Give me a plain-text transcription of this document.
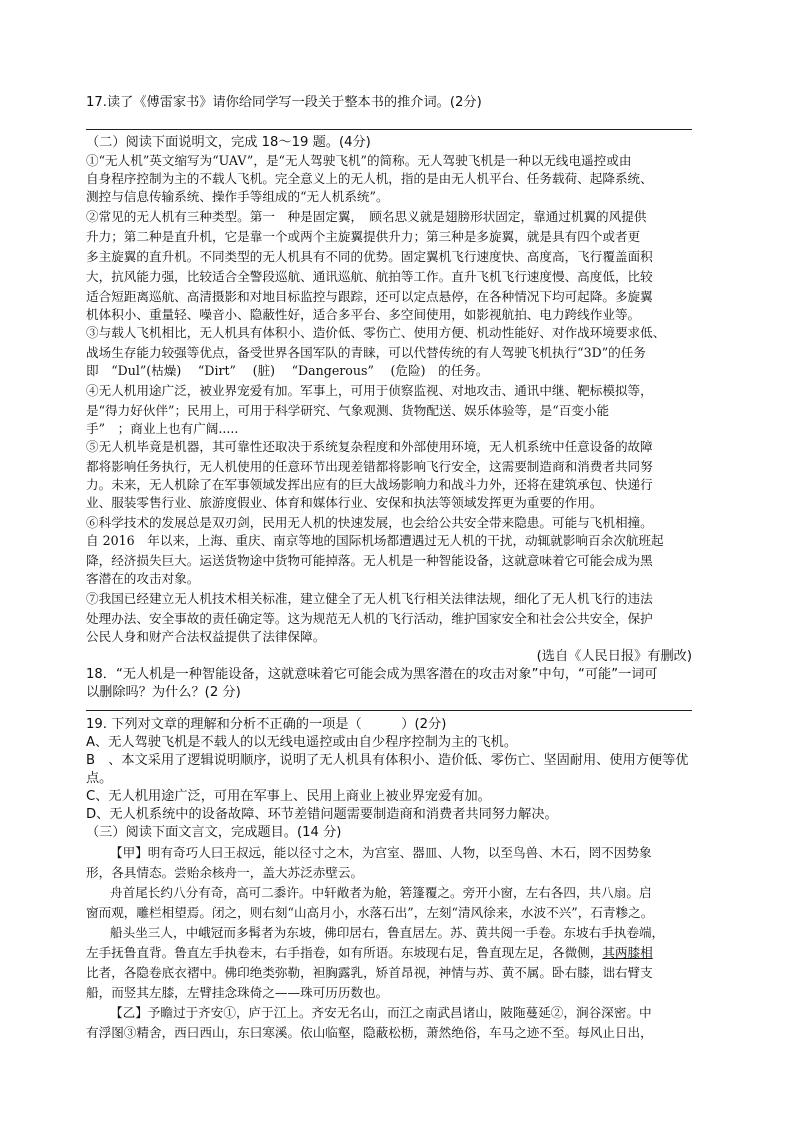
17.读了《傅雷家书》请你给同学写一段关于整本书的推介词。(2分)
（二）阅读下面说明文，完成 18～19 题。(4分)
①“无人机”英文缩写为“UAV”，是“无人驾驶飞机”的简称。无人驾驶飞机是一种以无线电遥控或由
自身程序控制为主的不载人飞机。完全意义上的无人机，指的是由无人机平台、任务载荷、起降系统、
测控与信息传输系统、操作手等组成的“无人机系统”。
②常见的无人机有三种类型。第一　种是固定翼，　顾名思义就是翅膀形状固定，靠通过机翼的风提供
升力；第二种是直升机，它是靠一个或两个主旋翼提供升力；第三种是多旋翼，就是具有四个或者更
多主旋翼的直升机。不同类型的无人机具有不同的优势。固定翼机飞行速度快、高度高，飞行覆盖面积
大，抗风能力强，比较适合全警段巡航、通讯巡航、航拍等工作。直升飞机飞行速度慢、高度低，比较
适合短距离巡航、高清摄影和对地目标监控与跟踪，还可以定点悬停，在各种情况下均可起降。多旋翼
机体积小、重量轻、噪音小、隐蔽性好，适合多平台、多空间使用，如影视航拍、电力跨线作业等。
③与载人飞机相比，无人机具有体积小、造价低、零伤亡、使用方便、机动性能好、对作战环境要求低、
战场生存能力较强等优点，备受世界各国军队的青睐，可以代替传统的有人驾驶飞机执行“3D”的任务
即　“Dul”(枯燥)　 “Dirt”　 (脏)　 “Dangerous”　 (危险)　的任务。
④无人机用途广泛，被业界宠爱有加。军事上，可用于侦察监视、对地攻击、通讯中继、靶标模拟等，
是“得力好伙伴”；民用上，可用于科学研究、气象观测、货物配送、娱乐体验等，是“百变小能
手”　；商业上也有广阔.....
⑤无人机毕竟是机器，其可靠性还取决于系统复杂程度和外部使用环境，无人机系统中任意设备的故障
都将影响任务执行，无人机使用的任意环节出现差错都将影响飞行安全，这需要制造商和消费者共同努
力。未来，无人机除了在军事领域发挥出应有的巨大战场影响力和战斗力外，还将在建筑承包、快递行
业、服装零售行业、旅游度假业、体育和媒体行业、安保和执法等领域发挥更为重要的作用。
⑥科学技术的发展总是双刃剑，民用无人机的快速发展，也会给公共安全带来隐患。可能与飞机相撞。
自 2016　年以来，上海、重庆、南京等地的国际机场都遭遇过无人机的干扰，动辄就影响百余次航班起
降，经济损失巨大。运送货物途中货物可能掉落。无人机是一种智能设备，这就意味着它可能会成为黑
客潜在的攻击对象。
⑦我国已经建立无人机技术相关标准，建立健全了无人机飞行相关法律法规，细化了无人机飞行的违法
处理办法、安全事故的责任确定等。这为规范无人机的飞行活动，维护国家安全和社会公共安全，保护
公民人身和财产合法权益提供了法律保障。
(选自《人民日报》有删改)
18．“无人机是一种智能设备，这就意味着它可能会成为黑客潜在的攻击对象”中句，“可能”一词可
以删除吗？为什么？(2 分)
19. 下列对文章的理解和分析不正确的一项是（　　　）(2分)
A、无人驾驶飞机是不载人的以无线电遥控或由自少程序控制为主的飞机。
B　、本文采用了逻辑说明顺序，说明了无人机具有体积小、造价低、零伤亡、坚固耐用、使用方便等优
点。
C、无人机用途广泛，可用在军事上、民用上商业上被业界宠爱有加。
D、无人机系统中的设备故障、环节差错问题需要制造商和消费者共同努力解决。
（三）阅读下面文言文，完成题目。(14 分)
【甲】明有奇巧人曰王叔远，能以径寸之木，为宫室、器皿、人物，以至鸟兽、木石，罔不因势象
形，各具情态。尝贻余核舟一，盖大苏泛赤壁云。
舟首尾长约八分有奇，高可二黍许。中轩敞者为舱，箬篷覆之。旁开小窗，左右各四，共八扇。启
窗而观，雕栏相望焉。闭之，则右刻“山高月小，水落石出”，左刻“清风徐来，水波不兴”，石青糁之。
船头坐三人，中峨冠而多髯者为东坡，佛印居右，鲁直居左。苏、黄共阅一手卷。东坡右手执卷端，
左手抚鲁直背。鲁直左手执卷末，右手指卷，如有所语。东坡现右足，鲁直现左足，各微侧，其两膝相
比者，各隐卷底衣褶中。佛印绝类弥勒，袒胸露乳，矫首昂视，神情与苏、黄不属。卧右膝，诎右臂支
船，而竖其左膝，左臂挂念珠倚之——珠可历历数也。
【乙】予瞻过于齐安①，庐于江上。齐安无名山，而江之南武昌诸山，陂陁蔓延②，涧谷深密。中
有浮图③精舍，西曰西山，东曰寒溪。依山临壑，隐蔽松枥，萧然绝俗，车马之迹不至。每风止日出，
